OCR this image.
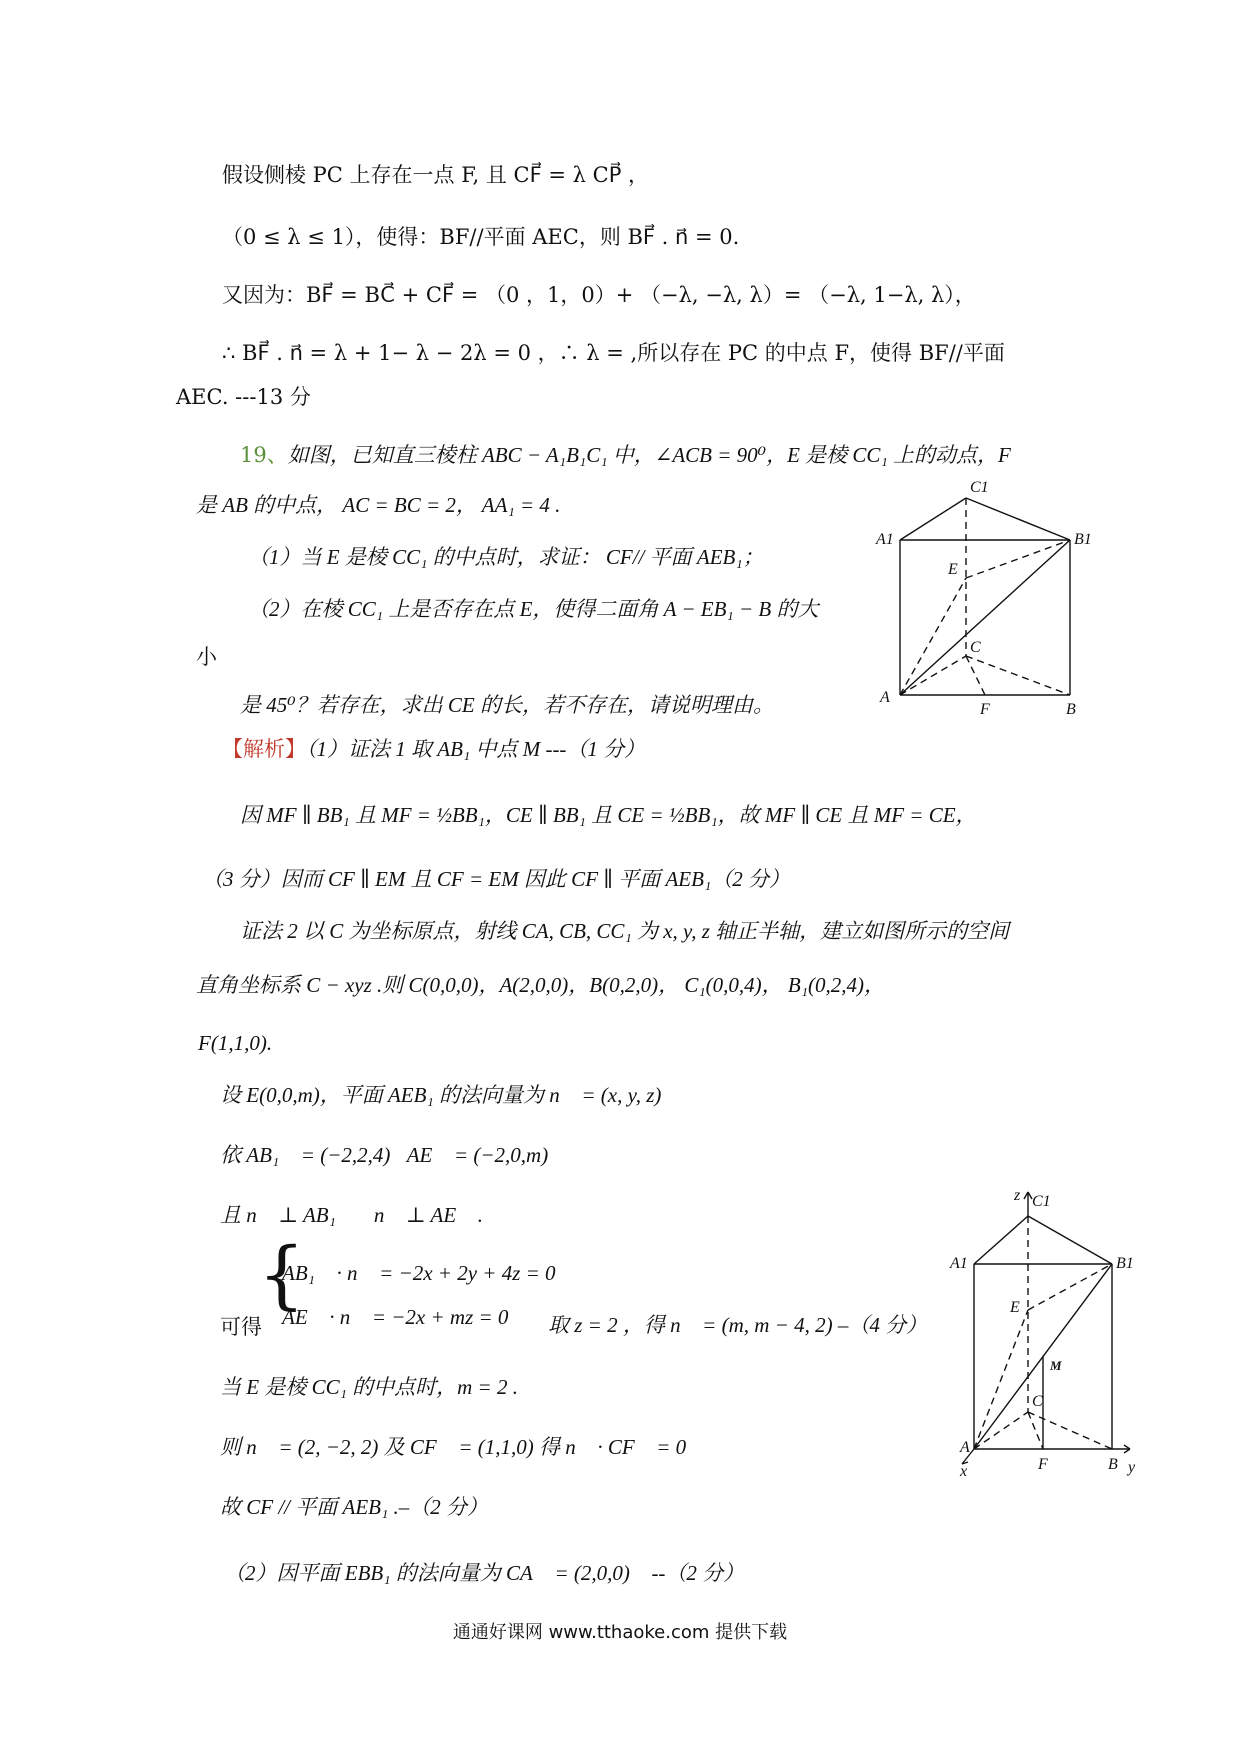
假设侧棱 PC 上存在一点 F, 且 CF⃗ = λ CP⃗ ，
（0 ≤ λ ≤ 1），使得：BF//平面 AEC，则 BF⃗ . n⃗ = 0.
又因为：BF⃗ = BC⃗ + CF⃗ = （0 ，1，0）+ （−λ, −λ, λ）= （−λ, 1−λ, λ），
∴ BF⃗ . n⃗ = λ + 1− λ − 2λ = 0 ，∴ λ = ,所以存在 PC 的中点 F，使得 BF//平面
AEC. ---13 分
19、如图，已知直三棱柱 ABC − A₁B₁C₁ 中，∠ACB = 90⁰，E 是棱 CC₁ 上的动点，F
是 AB 的中点， AC = BC = 2， AA₁ = 4 .
（1）当 E 是棱 CC₁ 的中点时，求证： CF// 平面 AEB₁；
（2）在棱 CC₁ 上是否存在点 E，使得二面角 A − EB₁ − B 的大
小
是 45⁰？若存在，求出 CE 的长，若不存在，请说明理由。
【解析】（1）证法 1 取 AB₁ 中点 M ---（1 分）
因 MF ∥ BB₁ 且 MF = ½BB₁，CE ∥ BB₁ 且 CE = ½BB₁，故 MF ∥ CE 且 MF = CE，
（3 分）因而 CF ∥ EM 且 CF = EM 因此 CF ∥ 平面 AEB₁（2 分）
证法 2 以 C 为坐标原点，射线 CA, CB, CC₁ 为 x, y, z 轴正半轴，建立如图所示的空间
直角坐标系 C − xyz .则 C(0,0,0)，A(2,0,0)，B(0,2,0)， C₁(0,0,4)， B₁(0,2,4)，
F(1,1,0).
设 E(0,0,m)，平面 AEB₁ 的法向量为 n⃗ = (x, y, z)，
依 AB₁⃗ = (−2,2,4)，AE⃗ = (−2,0,m)
且 n⃗ ⊥ AB₁⃗ ，n⃗ ⊥ AE⃗ .
{
AB₁⃗ · n⃗ = −2x + 2y + 4z = 0
AE⃗ · n⃗ = −2x + mz = 0
可得	取 z = 2 ，得 n⃗ = (m, m − 4, 2) –（4 分）
当 E 是棱 CC₁ 的中点时，m = 2 .
则 n⃗ = (2, −2, 2) 及 CF⃗ = (1,1,0) 得 n⃗ · CF⃗ = 0
故 CF // 平面 AEB₁ .–（2 分）
（2）因平面 EBB₁ 的法向量为 CA⃗ = (2,0,0)， --（2 分）
C1
A1	B1
E
C
A
F	B
z C1
A1	B1
E
M
C
A
x	F	B y
通通好课网 www.tthaoke.com 提供下载
